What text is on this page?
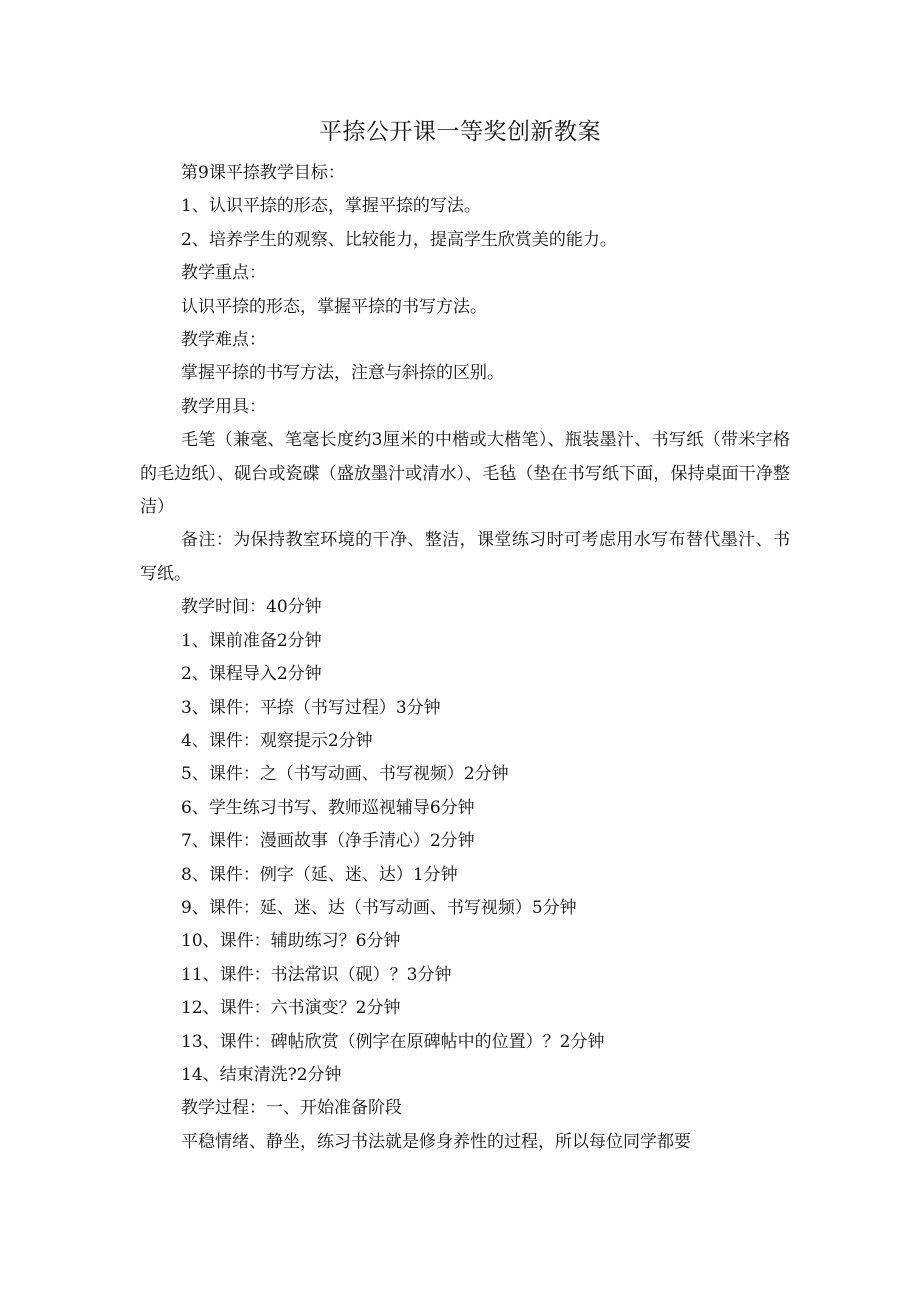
平捺公开课一等奖创新教案

第9课平捺教学目标：

1、认识平捺的形态，掌握平捺的写法。

2、培养学生的观察、比较能力，提高学生欣赏美的能力。

教学重点：

认识平捺的形态，掌握平捺的书写方法。

教学难点：

掌握平捺的书写方法，注意与斜捺的区别。

教学用具：

毛笔（兼毫、笔毫长度约3厘米的中楷或大楷笔）、瓶装墨汁、书写纸（带米字格的毛边纸）、砚台或瓷碟（盛放墨汁或清水）、毛毡（垫在书写纸下面，保持桌面干净整洁）

备注：为保持教室环境的干净、整洁，课堂练习时可考虑用水写布替代墨汁、书写纸。

教学时间：40分钟

1、课前准备2分钟

2、课程导入2分钟

3、课件：平捺（书写过程）3分钟

4、课件：观察提示2分钟

5、课件：之（书写动画、书写视频）2分钟

6、学生练习书写、教师巡视辅导6分钟

7、课件：漫画故事（净手清心）2分钟

8、课件：例字（延、迷、达）1分钟

9、课件：延、迷、达（书写动画、书写视频）5分钟

10、课件：辅助练习？6分钟

11、课件：书法常识（砚）？3分钟

12、课件：六书演变？2分钟

13、课件：碑帖欣赏（例字在原碑帖中的位置）？2分钟

14、结束清洗?2分钟

教学过程：一、开始准备阶段

平稳情绪、静坐，练习书法就是修身养性的过程，所以每位同学都要
